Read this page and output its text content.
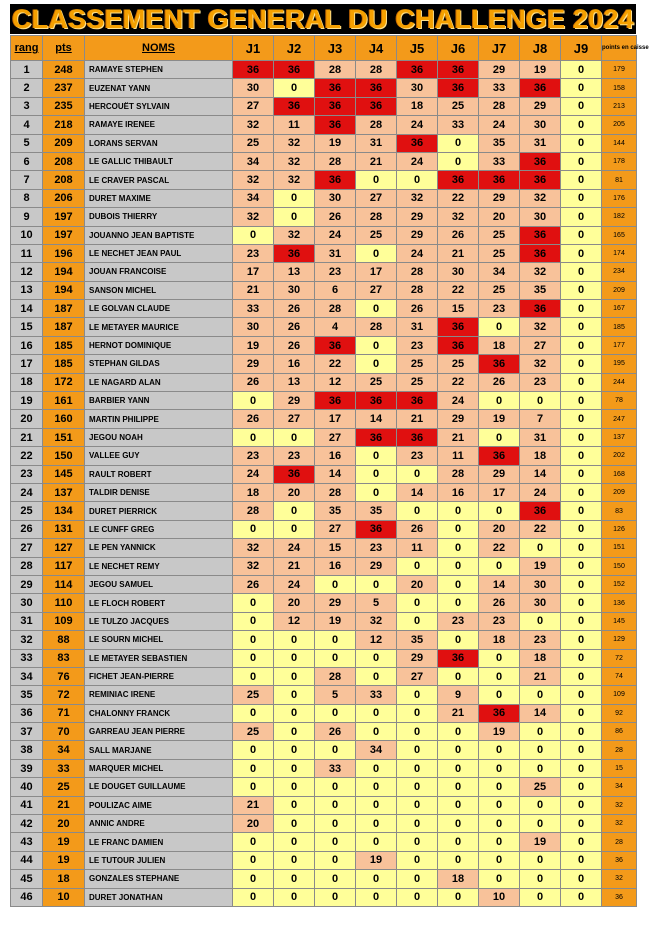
CLASSEMENT GENERAL DU CHALLENGE 2024
rang	pts	NOMS	J1	J2	J3	J4	J5	J6	J7	J8	J9	points en caisse
1	248	RAMAYE STEPHEN	36	36	28	28	36	36	29	19	0	179
2	237	EUZENAT YANN	30	0	36	36	30	36	33	36	0	158
3	235	HERCOUËT SYLVAIN	27	36	36	36	18	25	28	29	0	213
4	218	RAMAYE IRENEE	32	11	36	28	24	33	24	30	0	205
5	209	LORANS SERVAN	25	32	19	31	36	0	35	31	0	144
6	208	LE GALLIC THIBAULT	34	32	28	21	24	0	33	36	0	178
7	208	LE CRAVER PASCAL	32	32	36	0	0	36	36	36	0	81
8	206	DURET MAXIME	34	0	30	27	32	22	29	32	0	176
9	197	DUBOIS THIERRY	32	0	26	28	29	32	20	30	0	182
10	197	JOUANNO JEAN BAPTISTE	0	32	24	25	29	26	25	36	0	165
11	196	LE NECHET JEAN PAUL	23	36	31	0	24	21	25	36	0	174
12	194	JOUAN FRANCOISE	17	13	23	17	28	30	34	32	0	234
13	194	SANSON MICHEL	21	30	6	27	28	22	25	35	0	209
14	187	LE GOLVAN CLAUDE	33	26	28	0	26	15	23	36	0	167
15	187	LE METAYER MAURICE	30	26	4	28	31	36	0	32	0	185
16	185	HERNOT DOMINIQUE	19	26	36	0	23	36	18	27	0	177
17	185	STEPHAN GILDAS	29	16	22	0	25	25	36	32	0	195
18	172	LE NAGARD ALAN	26	13	12	25	25	22	26	23	0	244
19	161	BARBIER YANN	0	29	36	36	36	24	0	0	0	78
20	160	MARTIN PHILIPPE	26	27	17	14	21	29	19	7	0	247
21	151	JEGOU NOAH	0	0	27	36	36	21	0	31	0	137
22	150	VALLEE GUY	23	23	16	0	23	11	36	18	0	202
23	145	RAULT ROBERT	24	36	14	0	0	28	29	14	0	168
24	137	TALDIR DENISE	18	20	28	0	14	16	17	24	0	209
25	134	DURET PIERRICK	28	0	35	35	0	0	0	36	0	83
26	131	LE CUNFF GREG	0	0	27	36	26	0	20	22	0	126
27	127	LE PEN YANNICK	32	24	15	23	11	0	22	0	0	151
28	117	LE NECHET REMY	32	21	16	29	0	0	0	19	0	150
29	114	JEGOU SAMUEL	26	24	0	0	20	0	14	30	0	152
30	110	LE FLOCH ROBERT	0	20	29	5	0	0	26	30	0	136
31	109	LE TULZO JACQUES	0	12	19	32	0	23	23	0	0	145
32	88	LE SOURN MICHEL	0	0	0	12	35	0	18	23	0	129
33	83	LE METAYER SEBASTIEN	0	0	0	0	29	36	0	18	0	72
34	76	FICHET JEAN-PIERRE	0	0	28	0	27	0	0	21	0	74
35	72	REMINIAC IRENE	25	0	5	33	0	9	0	0	0	109
36	71	CHALONNY FRANCK	0	0	0	0	0	21	36	14	0	92
37	70	GARREAU JEAN PIERRE	25	0	26	0	0	0	19	0	0	86
38	34	SALL MARJANE	0	0	0	34	0	0	0	0	0	28
39	33	MARQUER MICHEL	0	0	33	0	0	0	0	0	0	15
40	25	LE DOUGET GUILLAUME	0	0	0	0	0	0	0	25	0	34
41	21	POULIZAC AIME	21	0	0	0	0	0	0	0	0	32
42	20	ANNIC ANDRE	20	0	0	0	0	0	0	0	0	32
43	19	LE FRANC DAMIEN	0	0	0	0	0	0	0	19	0	28
44	19	LE TUTOUR JULIEN	0	0	0	19	0	0	0	0	0	36
45	18	GONZALES STEPHANE	0	0	0	0	0	18	0	0	0	32
46	10	DURET JONATHAN	0	0	0	0	0	0	10	0	0	36
